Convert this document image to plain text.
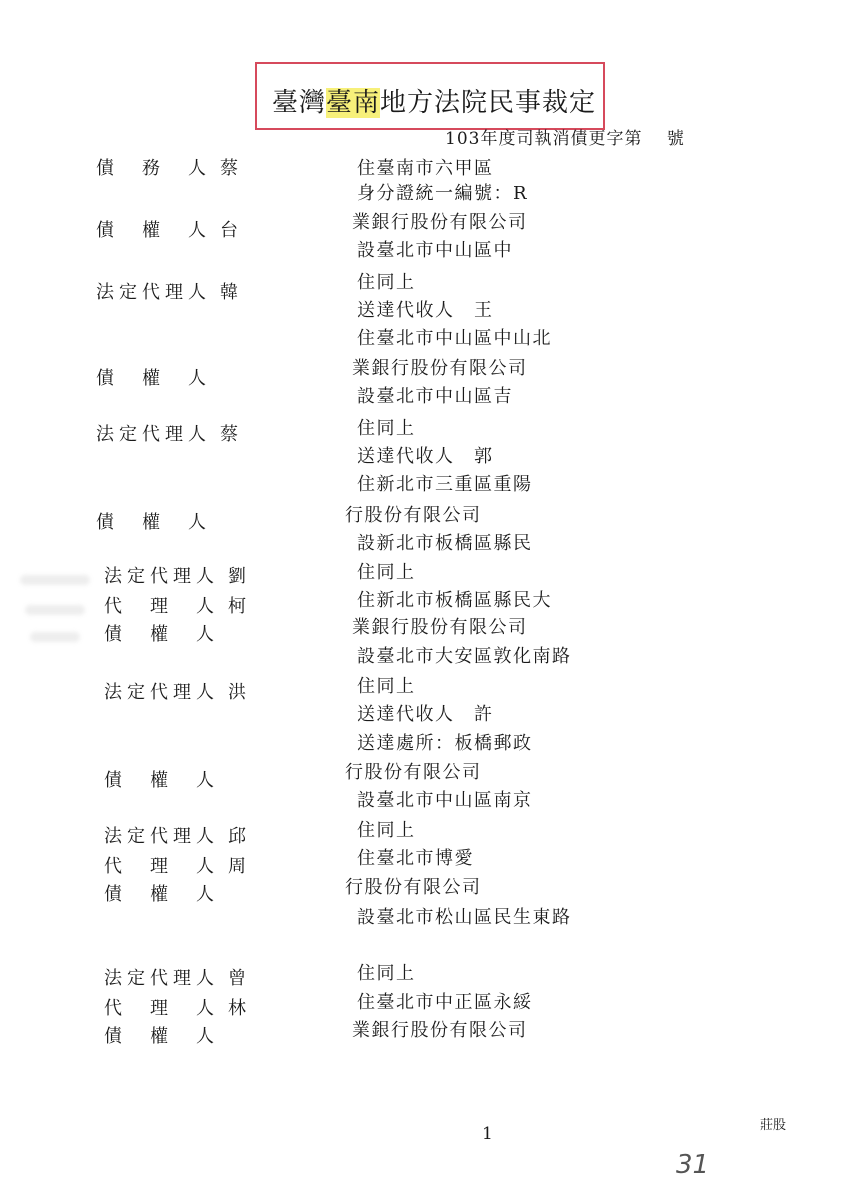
臺灣臺南地方法院民事裁定
103年度司執消債更字第　 號
債　務　人 蔡	住臺南市六甲區
身分證統一編號：R
債　權　人 台	業銀行股份有限公司
設臺北市中山區中
法定代理人 韓	住同上
送達代收人　王
住臺北市中山區中山北
債　權　人	業銀行股份有限公司
設臺北市中山區吉
法定代理人 蔡	住同上
送達代收人　郭
住新北市三重區重陽
債　權　人	行股份有限公司
設新北市板橋區縣民
法定代理人 劉	住同上
代　理　人 柯	住新北市板橋區縣民大
債　權　人	業銀行股份有限公司
設臺北市大安區敦化南路
法定代理人 洪	住同上
送達代收人　許
送達處所：板橋郵政
債　權　人	行股份有限公司
設臺北市中山區南京
法定代理人 邱	住同上
代　理　人 周	住臺北市博愛
債　權　人	行股份有限公司
設臺北市松山區民生東路
法定代理人 曾	住同上
代　理　人 林	住臺北市中正區永綏
債　權　人	業銀行股份有限公司
1	莊股
31
